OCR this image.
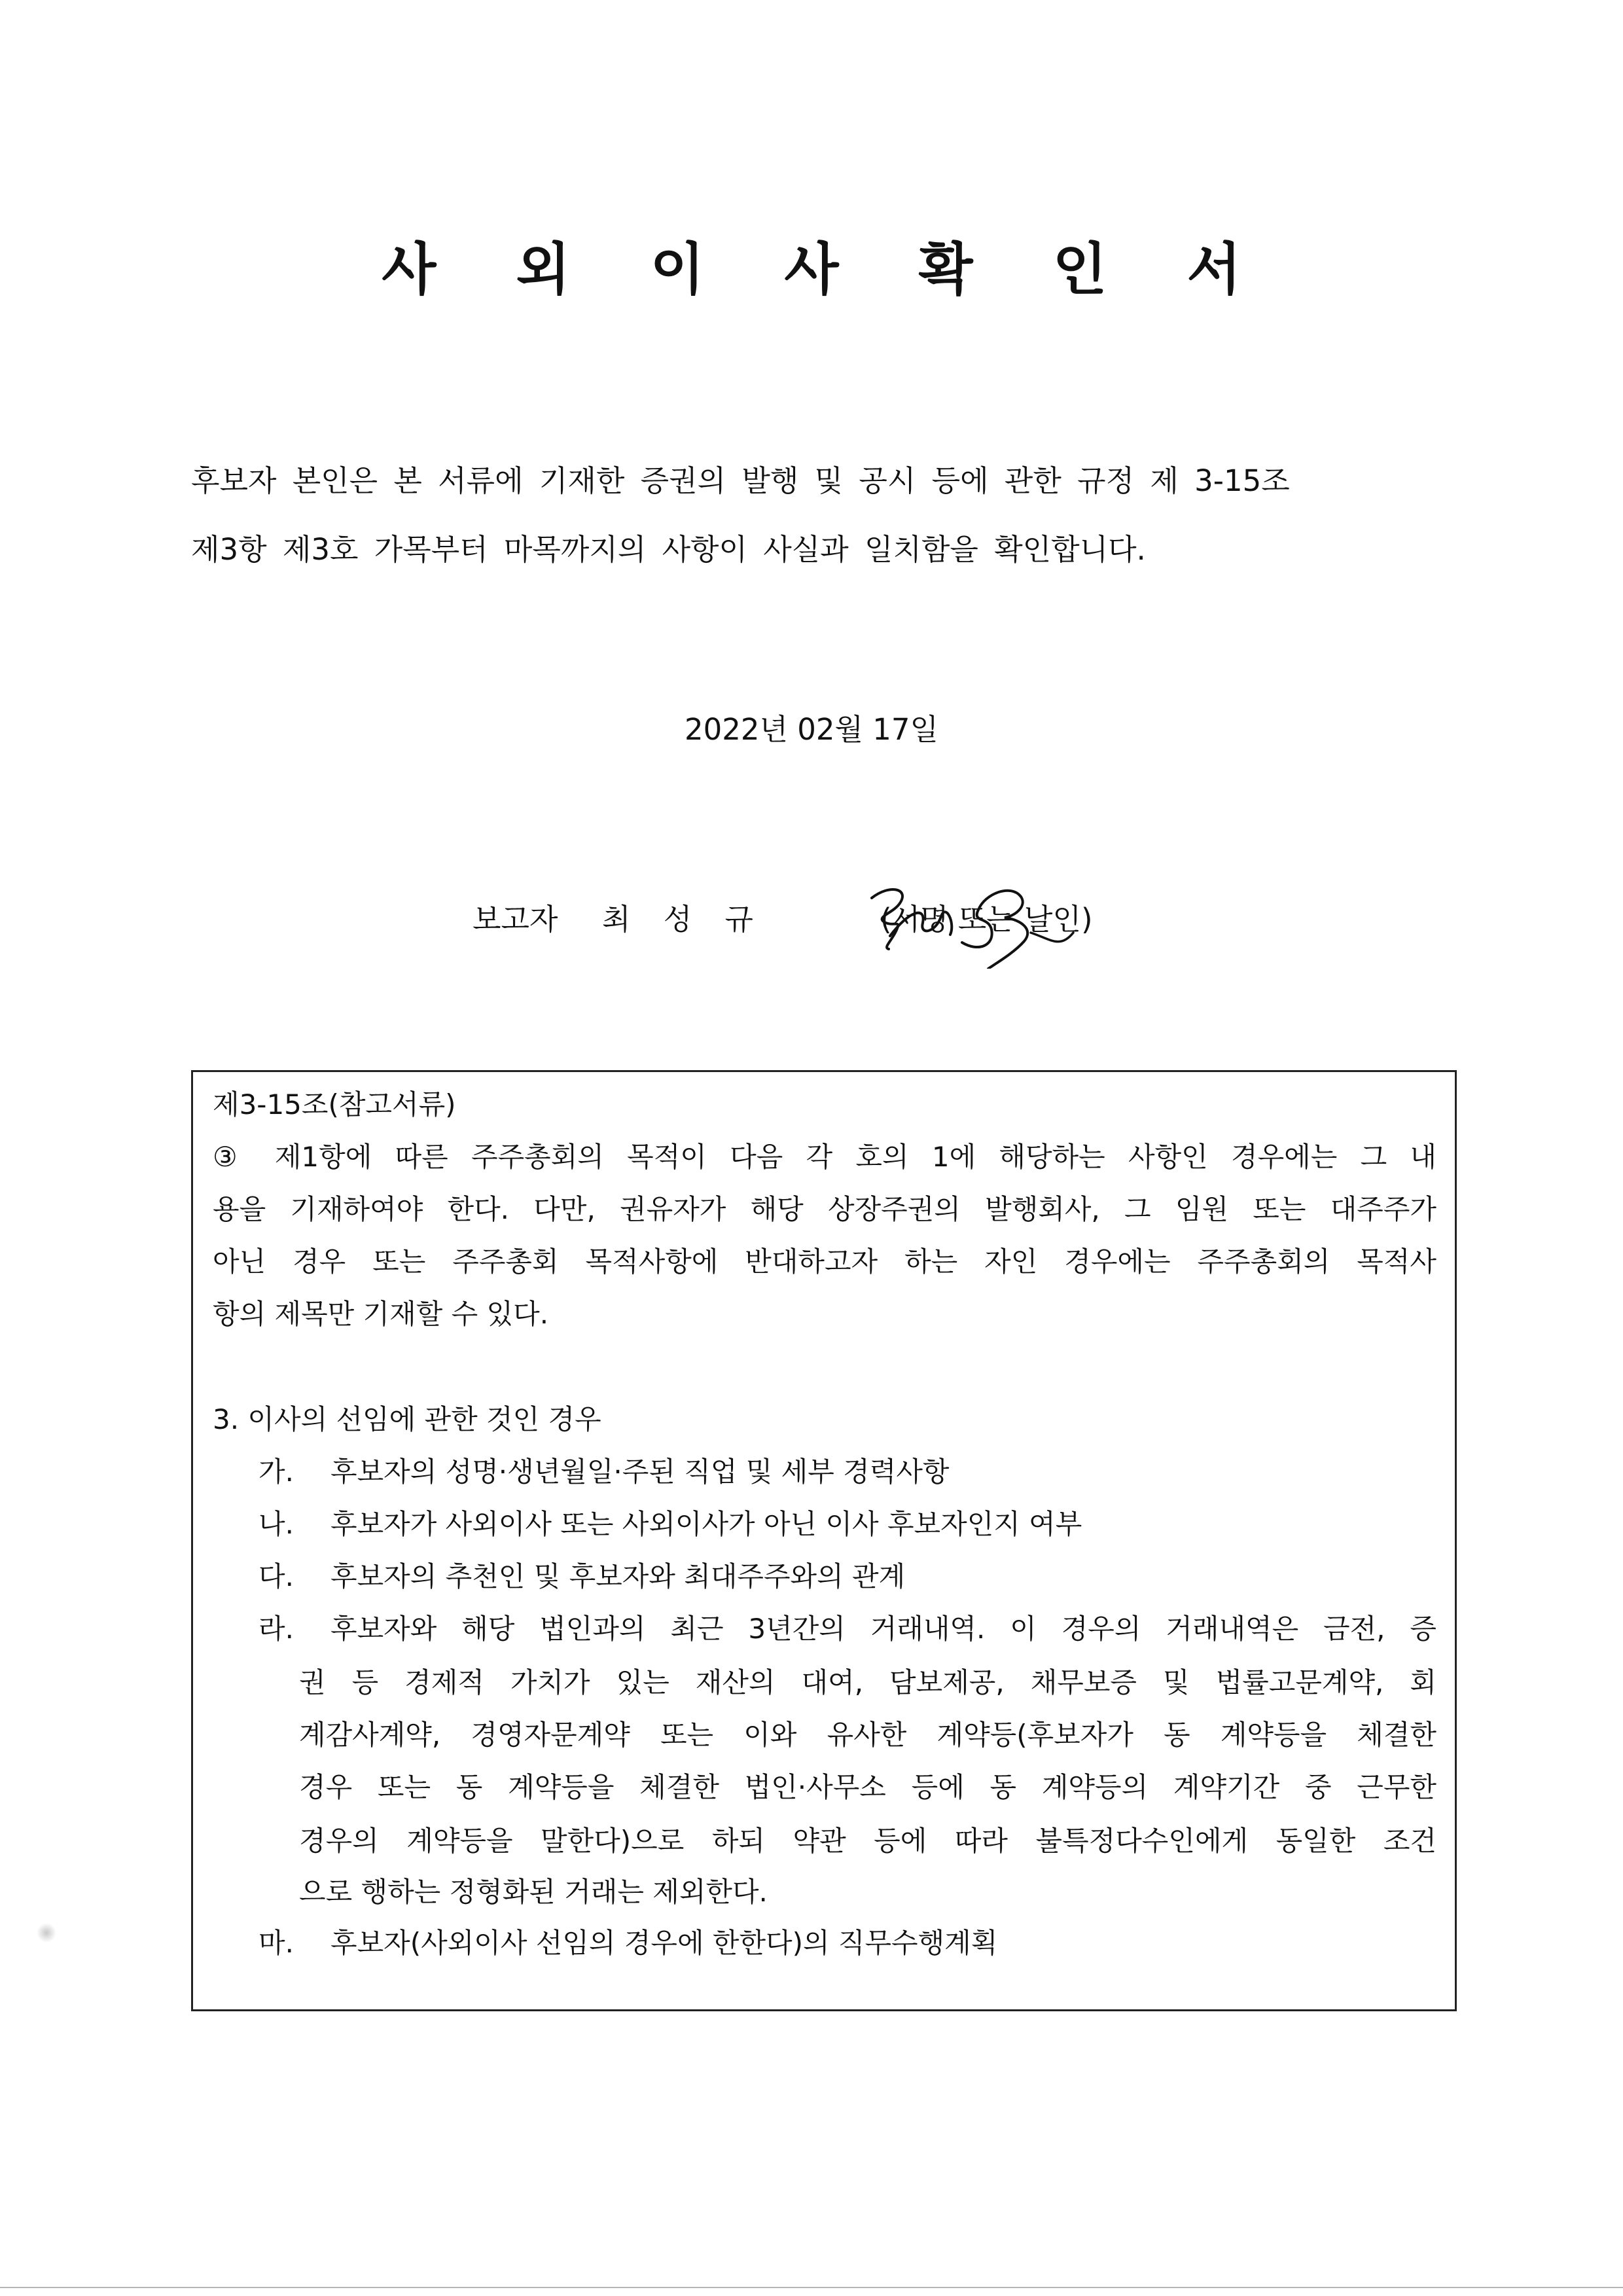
사 외 이 사 확 인 서
후보자 본인은 본 서류에 기재한 증권의 발행 및 공시 등에 관한 규정 제 3-15조
제3항 제3호 가목부터 마목까지의 사항이 사실과 일치함을 확인합니다.
2022년 02월 17일
보고자 최 성 규	(서명 또는 날인)
제3-15조(참고서류)
③ 제1항에 따른 주주총회의 목적이 다음 각 호의 1에 해당하는 사항인 경우에는 그 내
용을 기재하여야 한다. 다만, 권유자가 해당 상장주권의 발행회사, 그 임원 또는 대주주가
아닌 경우 또는 주주총회 목적사항에 반대하고자 하는 자인 경우에는 주주총회의 목적사
항의 제목만 기재할 수 있다.
3. 이사의 선임에 관한 것인 경우
가. 후보자의 성명·생년월일·주된 직업 및 세부 경력사항
나. 후보자가 사외이사 또는 사외이사가 아닌 이사 후보자인지 여부
다. 후보자의 추천인 및 후보자와 최대주주와의 관계
라. 후보자와 해당 법인과의 최근 3년간의 거래내역. 이 경우의 거래내역은 금전, 증
권 등 경제적 가치가 있는 재산의 대여, 담보제공, 채무보증 및 법률고문계약, 회
계감사계약, 경영자문계약 또는 이와 유사한 계약등(후보자가 동 계약등을 체결한
경우 또는 동 계약등을 체결한 법인·사무소 등에 동 계약등의 계약기간 중 근무한
경우의 계약등을 말한다)으로 하되 약관 등에 따라 불특정다수인에게 동일한 조건
으로 행하는 정형화된 거래는 제외한다.
마. 후보자(사외이사 선임의 경우에 한한다)의 직무수행계획
